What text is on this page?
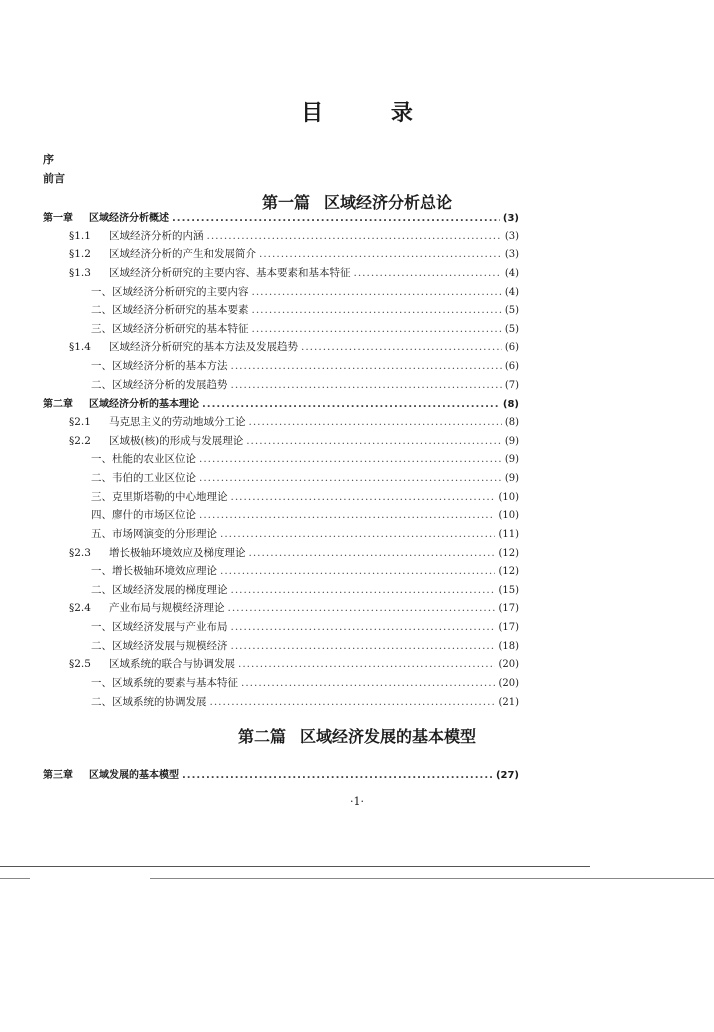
目 录
序
前言
第一篇 区域经济分析总论
第一章	区域经济分析概述 .....	(3)
§1.1	区域经济分析的内涵 .....	(3)
§1.2	区域经济分析的产生和发展简介 .....	(3)
§1.3	区域经济分析研究的主要内容、基本要素和基本特征 .....	(4)
一、区域经济分析研究的主要内容 .....	(4)
二、区域经济分析研究的基本要素 .....	(5)
三、区域经济分析研究的基本特征 .....	(5)
§1.4	区域经济分析研究的基本方法及发展趋势 .....	(6)
一、区域经济分析的基本方法 .....	(6)
二、区域经济分析的发展趋势 .....	(7)
第二章	区域经济分析的基本理论 .....	(8)
§2.1	马克思主义的劳动地域分工论 .....	(8)
§2.2	区域极(核)的形成与发展理论 .....	(9)
一、杜能的农业区位论 .....	(9)
二、韦伯的工业区位论 .....	(9)
三、克里斯塔勒的中心地理论 .....	(10)
四、廖什的市场区位论 .....	(10)
五、市场网演变的分形理论 .....	(11)
§2.3	增长极轴环境效应及梯度理论 .....	(12)
一、增长极轴环境效应理论 .....	(12)
二、区域经济发展的梯度理论 .....	(15)
§2.4	产业布局与规模经济理论 .....	(17)
一、区域经济发展与产业布局 .....	(17)
二、区域经济发展与规模经济 .....	(18)
§2.5	区域系统的联合与协调发展 .....	(20)
一、区域系统的要素与基本特征 .....	(20)
二、区域系统的协调发展 .....	(21)
第二篇 区域经济发展的基本模型
第三章	区域发展的基本模型 .....	(27)
·1·
